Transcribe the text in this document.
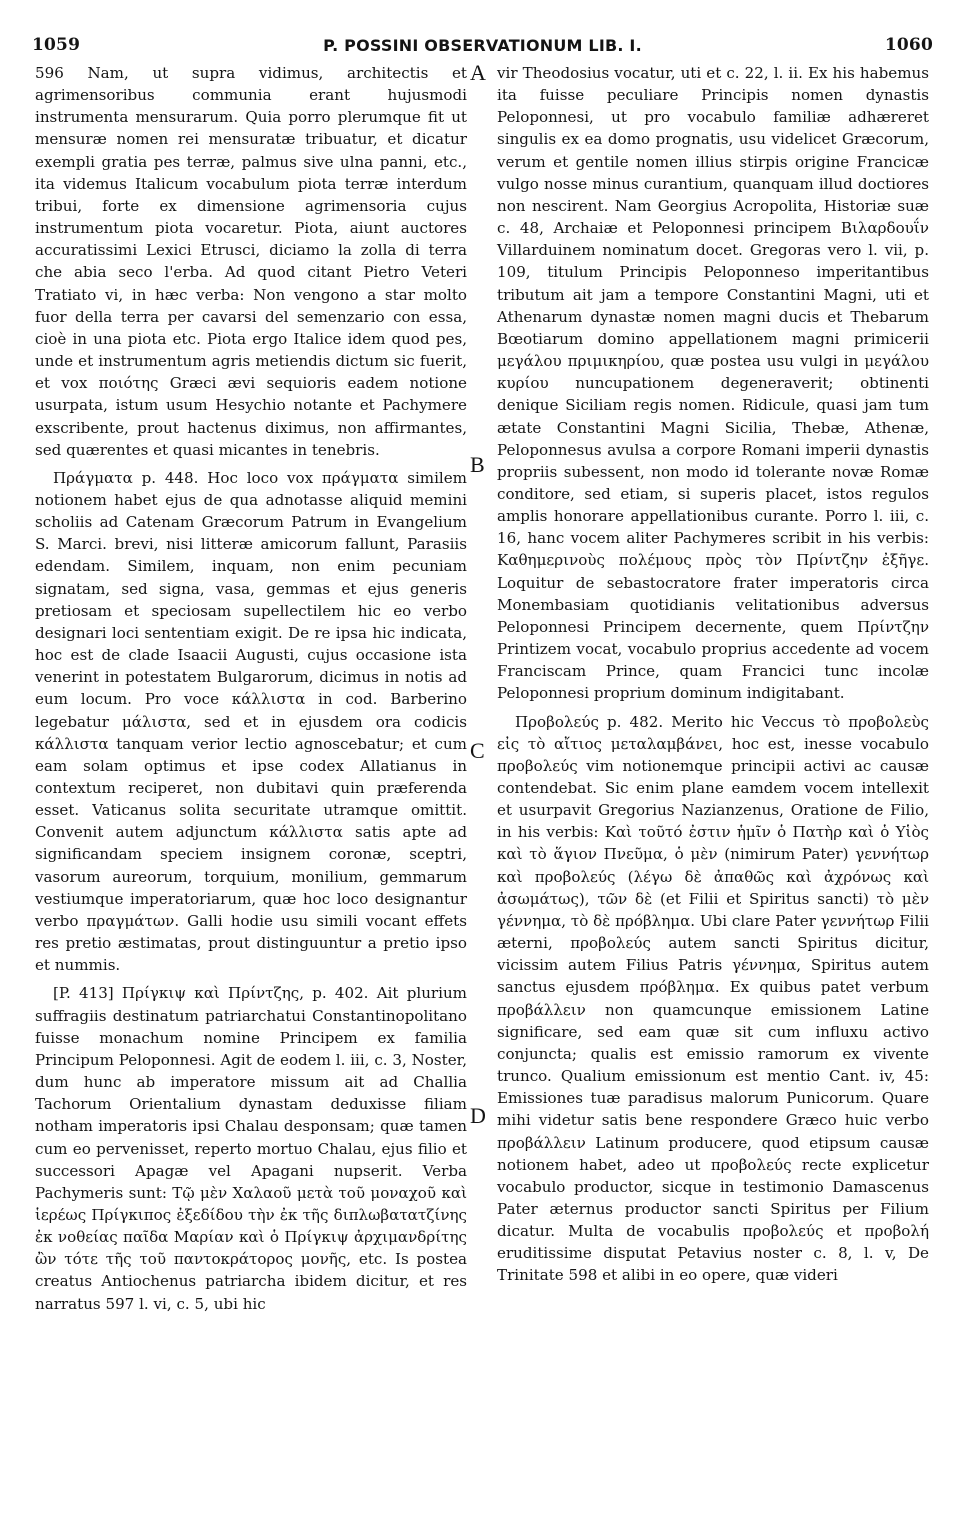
1059	P. POSSINI OBSERVATIONUM LIB. I.	1060
A
B
C
D

596 Nam, ut supra vidimus, architectis et agrimensoribus communia erant hujusmodi instrumenta mensurarum. Quia porro plerumque fit ut mensuræ nomen rei mensuratæ tribuatur, et dicatur exempli gratia pes terræ, palmus sive ulna panni, etc., ita videmus Italicum vocabulum piota terræ interdum tribui, forte ex dimensione agrimensoria cujus instrumentum piota vocaretur. Piota, aiunt auctores accuratissimi Lexici Etrusci, diciamo la zolla di terra che abia seco l'erba. Ad quod citant Pietro Veteri Tratiato vi, in hæc verba: Non vengono a star molto fuor della terra per cavarsi del semenzario con essa, cioè in una piota etc. Piota ergo Italice idem quod pes, unde et instrumentum agris metiendis dictum sic fuerit, et vox ποιότης Græci ævi sequioris eadem notione usurpata, istum usum Hesychio notante et Pachymere exscribente, prout hactenus diximus, non affirmantes, sed quærentes et quasi micantes in tenebris.

Πράγματα p. 448. Hoc loco vox πράγματα similem notionem habet ejus de qua adnotasse aliquid memini scholiis ad Catenam Græcorum Patrum in Evangelium S. Marci. brevi, nisi litteræ amicorum fallunt, Parasiis edendam. Similem, inquam, non enim pecuniam signatam, sed signa, vasa, gemmas et ejus generis pretiosam et speciosam supellectilem hic eo verbo designari loci sententiam exigit. De re ipsa hic indicata, hoc est de clade Isaacii Augusti, cujus occasione ista venerint in potestatem Bulgarorum, dicimus in notis ad eum locum. Pro voce κάλλιστα in cod. Barberino legebatur μάλιστα, sed et in ejusdem ora codicis κάλλιστα tanquam verior lectio agnoscebatur; et cum eam solam optimus et ipse codex Allatianus in contextum reciperet, non dubitavi quin præferenda esset. Vaticanus solita securitate utramque omittit. Convenit autem adjunctum κάλλιστα satis apte ad significandam speciem insignem coronæ, sceptri, vasorum aureorum, torquium, monilium, gemmarum vestiumque imperatoriarum, quæ hoc loco designantur verbo πραγμάτων. Galli hodie usu simili vocant effets res pretio æstimatas, prout distinguuntur a pretio ipso et nummis.

[P. 413] Πρίγκιψ καὶ Πρίντζης, p. 402. Ait plurium suffragiis destinatum patriarchatui Constantinopolitano fuisse monachum nomine Principem ex familia Principum Peloponnesi. Agit de eodem l. iii, c. 3, Noster, dum hunc ab imperatore missum ait ad Challia Tachorum Orientalium dynastam deduxisse filiam notham imperatoris ipsi Chalau desponsam; quæ tamen cum eo pervenisset, reperto mortuo Chalau, ejus filio et successori Apagæ vel Apagani nupserit. Verba Pachymeris sunt: Τῷ μὲν Χαλαοῦ μετὰ τοῦ μοναχοῦ καὶ ἱερέως Πρίγκιπος ἐξεδίδου τὴν ἐκ τῆς διπλωβατατζίνης ἐκ νοθείας παῖδα Μαρίαν καὶ ὁ Πρίγκιψ ἀρχιμανδρίτης ὢν τότε τῆς τοῦ παντοκράτορος μονῆς, etc. Is postea creatus Antiochenus patriarcha ibidem dicitur, et res narratus 597 l. vi, c. 5, ubi hic

vir Theodosius vocatur, uti et c. 22, l. ii. Ex his habemus ita fuisse peculiare Principis nomen dynastis Peloponnesi, ut pro vocabulo familiæ adhæreret singulis ex ea domo prognatis, usu videlicet Græcorum, verum et gentile nomen illius stirpis origine Franciсæ vulgo nosse minus curantium, quanquam illud doctiores non nescirent. Nam Georgius Acropolita, Historiæ suæ c. 48, Archaiæ et Peloponnesi principem Βιλαρδουΐν Villarduinem nominatum docet. Gregoras vero l. vii, p. 109, titulum Principis Peloponneso imperitantibus tributum ait jam a tempore Constantini Magni, uti et Athenarum dynastæ nomen magni ducis et Thebarum Bœotiarum domino appellationem magni primicerii μεγάλου πριμικηρίου, quæ postea usu vulgi in μεγάλου κυρίου nuncupationem degeneraverit; obtinenti denique Siciliam regis nomen. Ridicule, quasi jam tum ætate Constantini Magni Sicilia, Thebæ, Athenæ, Peloponnesus avulsa a corpore Romani imperii dynastis propriis subessent, non modo id tolerante novæ Romæ conditore, sed etiam, si superis placet, istos regulos amplis honorare appellationibus curante. Porro l. iii, c. 16, hanc vocem aliter Pachymeres scribit in his verbis: Καθημερινοὺς πολέμους πρὸς τὸν Πρίντζην ἐξῆγε. Loquitur de sebastocratore frater imperatoris circa Monembasiam quotidianis velitationibus adversus Peloponnesi Principem decernente, quem Πρίντζην Printizem vocat, vocabulo proprius accedente ad vocem Franciscam Prince, quam Francici tunc incolæ Peloponnesi proprium dominum indigitabant.

Προβολεύς p. 482. Merito hic Veccus τὸ προβολεὺς εἰς τὸ αἴτιος μεταλαμβάνει, hoc est, inesse vocabulo προβολεύς vim notionemque principii activi ac causæ contendebat. Sic enim plane eamdem vocem intellexit et usurpavit Gregorius Nazianzenus, Oratione de Filio, in his verbis: Καὶ τοῦτό ἐστιν ἡμῖν ὁ Πατὴρ καὶ ὁ Υἱὸς καὶ τὸ ἅγιον Πνεῦμα, ὁ μὲν (nimirum Pater) γεννήτωρ καὶ προβολεύς (λέγω δὲ ἀπαθῶς καὶ ἀχρόνως καὶ ἀσωμάτως), τῶν δὲ (et Filii et Spiritus sancti) τὸ μὲν γέννημα, τὸ δὲ πρόβλημα. Ubi clare Pater γεννήτωρ Filii æterni, προβολεύς autem sancti Spiritus dicitur, vicissim autem Filius Patris γέννημα, Spiritus autem sanctus ejusdem πρόβλημα. Ex quibus patet verbum προβάλλειν non quamcunque emissionem Latine significare, sed eam quæ sit cum influxu activo conjuncta; qualis est emissio ramorum ex vivente trunco. Qualium emissionum est mentio Cant. iv, 45: Emissiones tuæ paradisus malorum Punicorum. Quare mihi videtur satis bene respondere Græco huic verbo προβάλλειν Latinum producere, quod etipsum causæ notionem habet, adeo ut προβολεύς recte explicetur vocabulo productor, sicque in testimonio Damascenus Pater æternus productor sancti Spiritus per Filium dicatur. Multa de vocabulis προβολεύς et προβολή eruditissime disputat Petavius noster c. 8, l. v, De Trinitate 598 et alibi in eo opere, quæ videri
